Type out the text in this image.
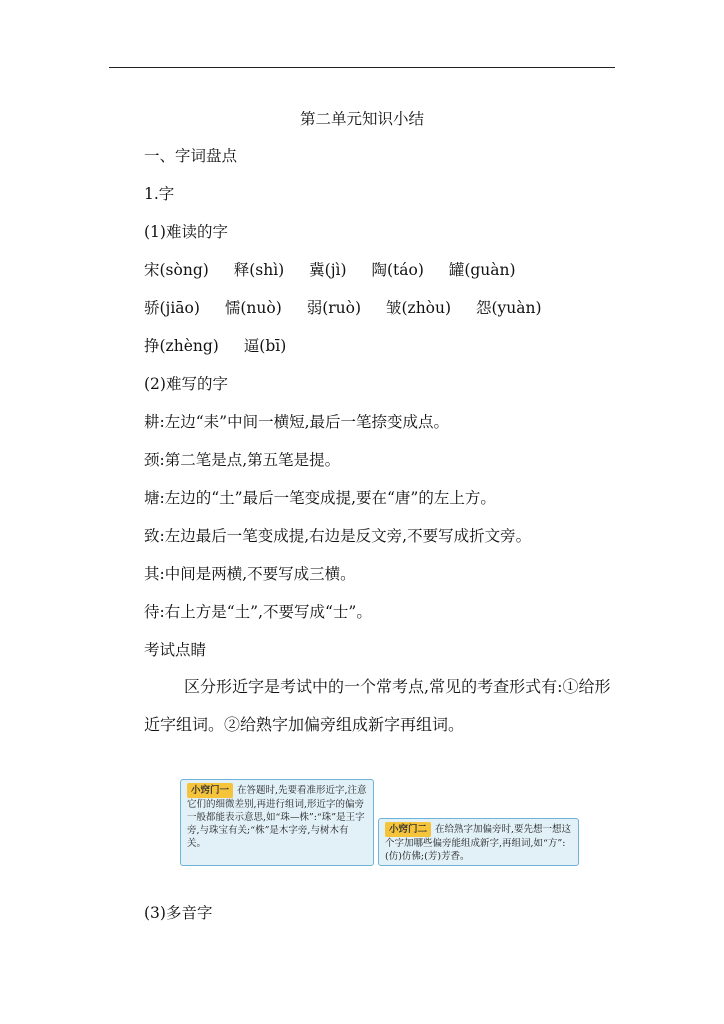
第二单元知识小结
一、字词盘点
1.字
(1)难读的字
宋(sòng) 释(shì) 冀(jì) 陶(táo) 罐(guàn)
骄(jiāo) 懦(nuò) 弱(ruò) 皱(zhòu) 怨(yuàn)
挣(zhèng) 逼(bī)
(2)难写的字
耕:左边“耒”中间一横短,最后一笔捺变成点。
颈:第二笔是点,第五笔是提。
塘:左边的“土”最后一笔变成提,要在“唐”的左上方。
致:左边最后一笔变成提,右边是反文旁,不要写成折文旁。
其:中间是两横,不要写成三横。
待:右上方是“土”,不要写成“士”。
考试点睛
区分形近字是考试中的一个常考点,常见的考查形式有:①给形近字组词。②给熟字加偏旁组成新字再组词。
小窍门一 在答题时,先要看准形近字,注意它们的细微差别,再进行组词,形近字的偏旁一般都能表示意思,如“珠—株”:“珠”是王字旁,与珠宝有关;“株”是木字旁,与树木有关。
小窍门二 在给熟字加偏旁时,要先想一想这个字加哪些偏旁能组成新字,再组词,如“方”:(仿)仿佛;(芳)芳香。
(3)多音字
